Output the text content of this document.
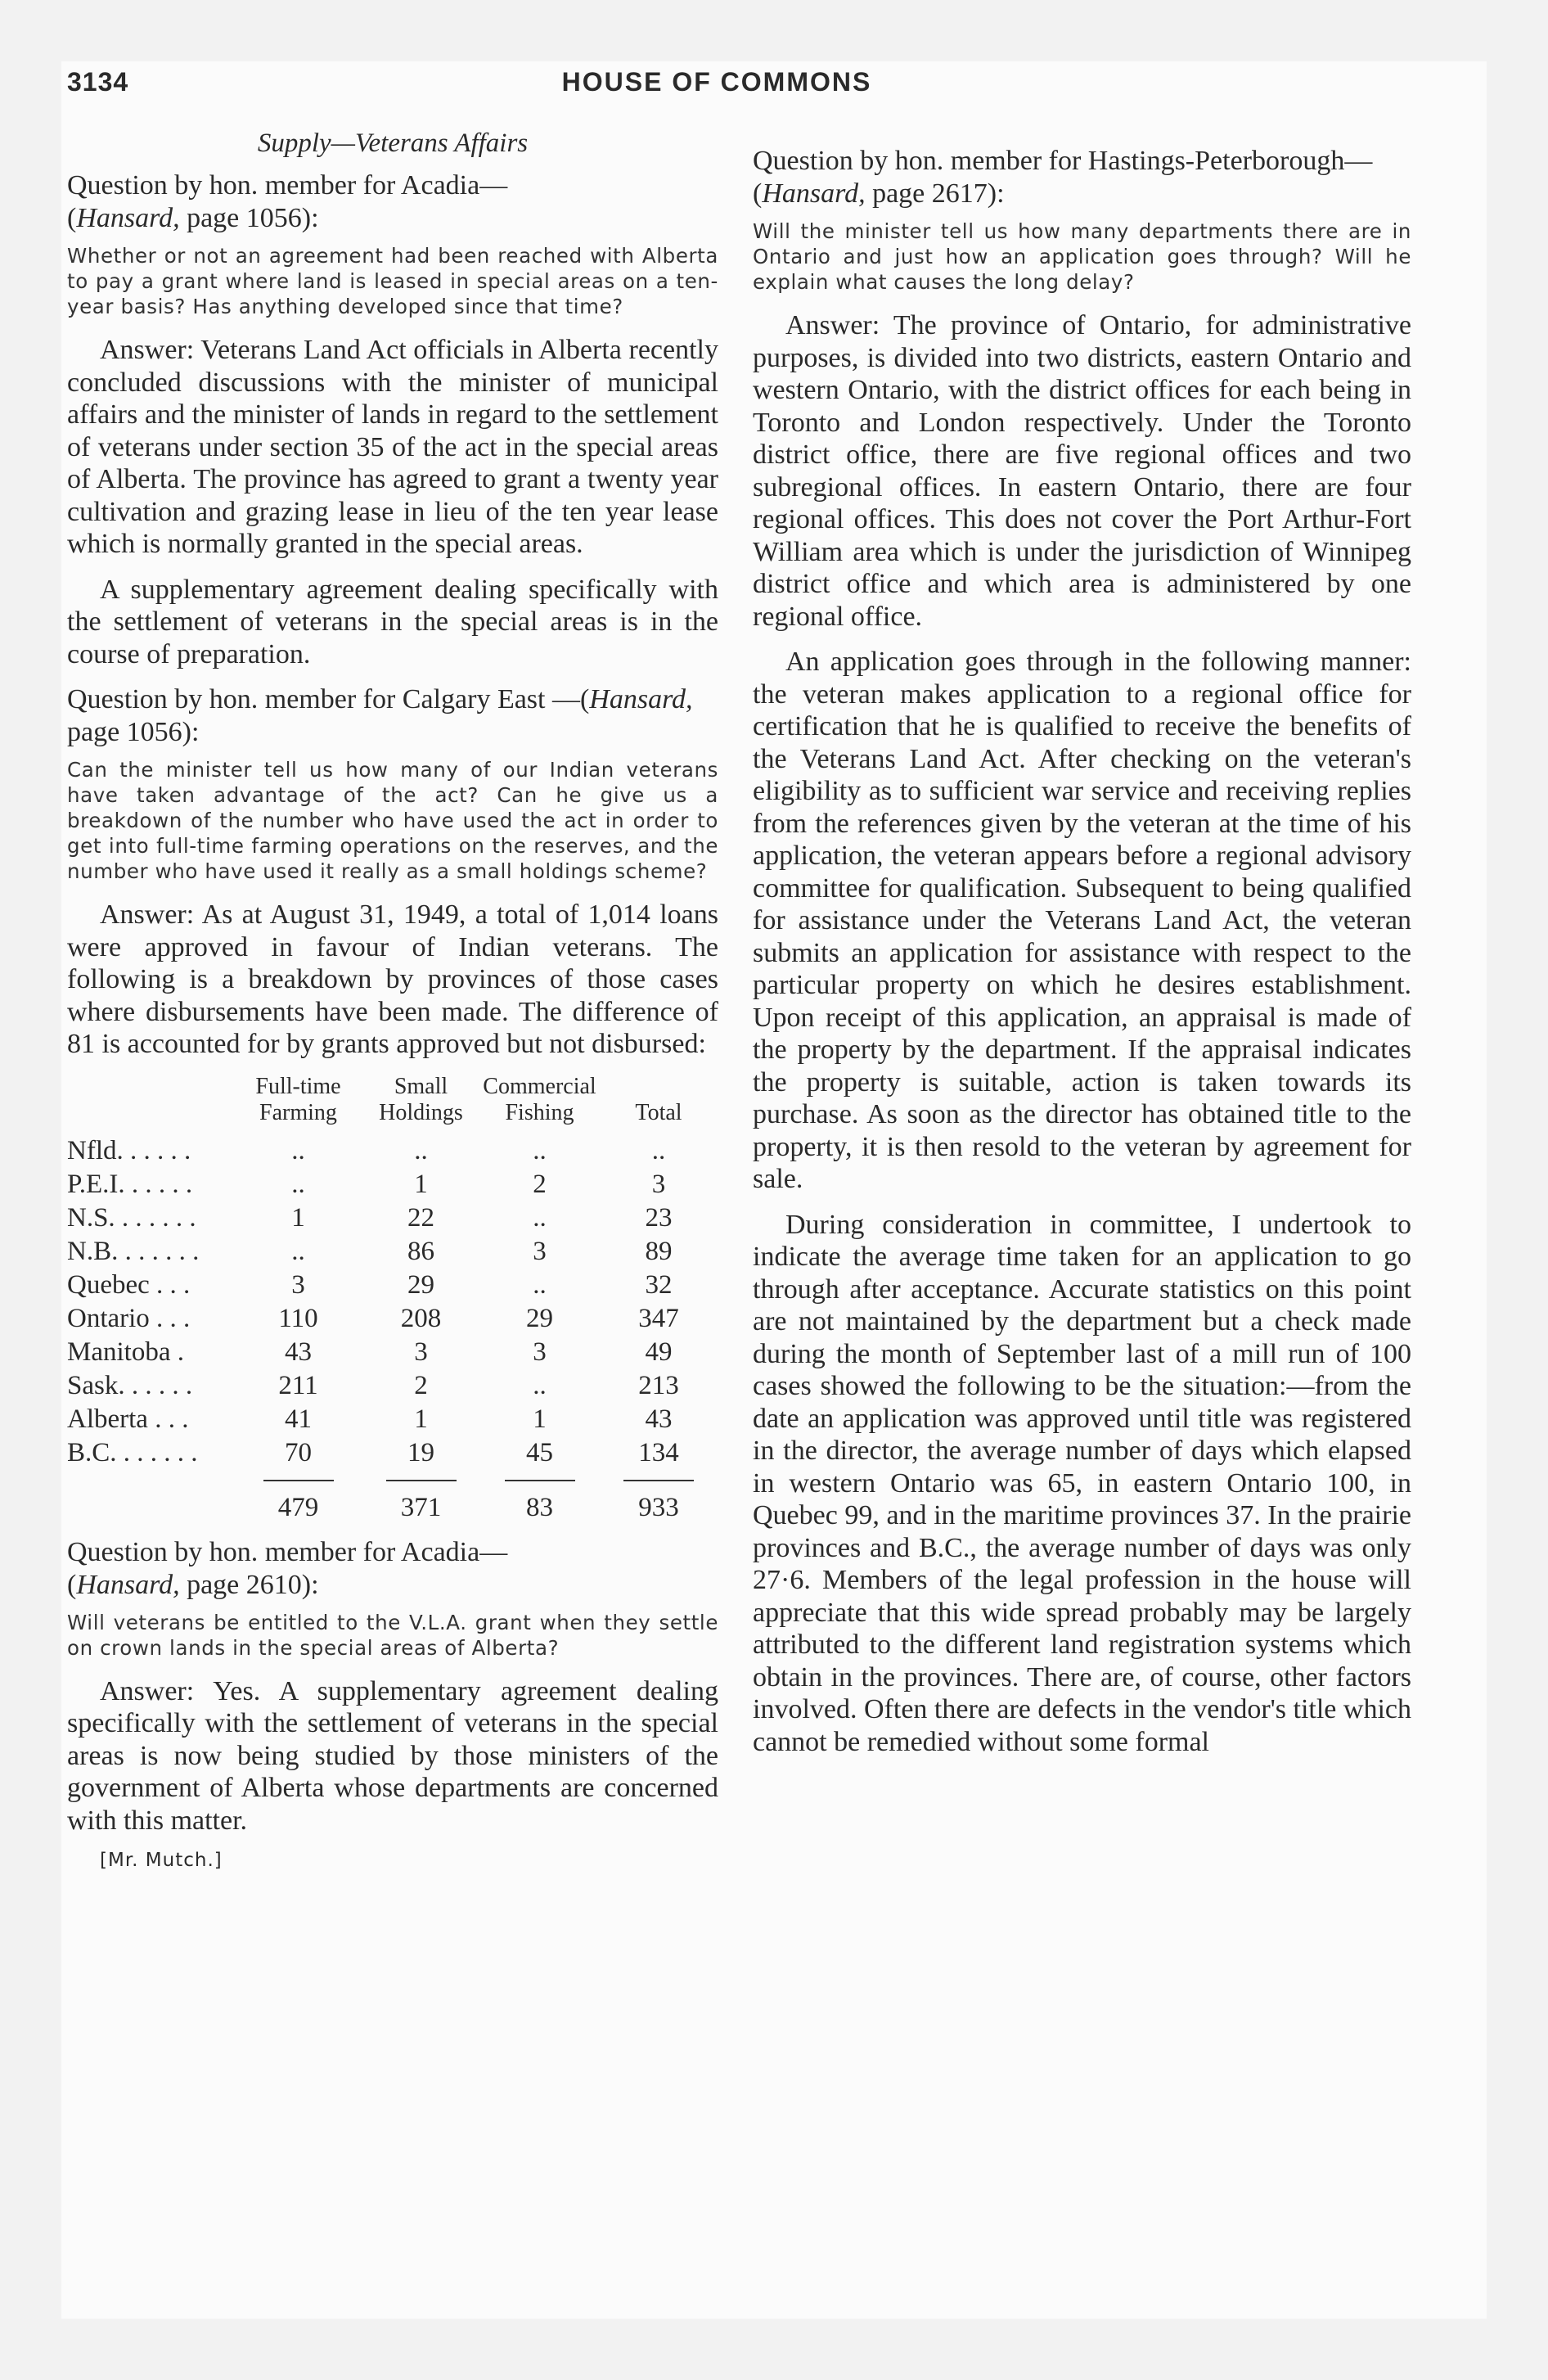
3134	HOUSE OF COMMONS
Supply—Veterans Affairs

Question by hon. member for Acadia—
(Hansard, page 1056):

Whether or not an agreement had been reached with Alberta to pay a grant where land is leased in special areas on a ten-year basis? Has anything developed since that time?

Answer: Veterans Land Act officials in Alberta recently concluded discussions with the minister of municipal affairs and the minister of lands in regard to the settlement of veterans under section 35 of the act in the special areas of Alberta. The province has agreed to grant a twenty year cultivation and grazing lease in lieu of the ten year lease which is normally granted in the special areas.

A supplementary agreement dealing specifically with the settlement of veterans in the special areas is in the course of preparation.

Question by hon. member for Calgary East —(Hansard, page 1056):

Can the minister tell us how many of our Indian veterans have taken advantage of the act? Can he give us a breakdown of the number who have used the act in order to get into full-time farming operations on the reserves, and the number who have used it really as a small holdings scheme?

Answer: As at August 31, 1949, a total of 1,014 loans were approved in favour of Indian veterans. The following is a breakdown by provinces of those cases where disbursements have been made. The difference of 81 is accounted for by grants approved but not disbursed:

	Full-time Farming	Small Holdings	Commercial Fishing	Total
Nfld. . . . . .	..	..	..	..
P.E.I. . . . . .	..	1	2	3
N.S. . . . . . .	1	22	..	23
N.B. . . . . . .	..	86	3	89
Quebec . . .	3	29	..	32
Ontario . . .	110	208	29	347
Manitoba .	43	3	3	49
Sask. . . . . .	211	2	..	213
Alberta . . .	41	1	1	43
B.C. . . . . . .	70	19	45	134

	479	371	83	933

Question by hon. member for Acadia—
(Hansard, page 2610):

Will veterans be entitled to the V.L.A. grant when they settle on crown lands in the special areas of Alberta?

Answer: Yes. A supplementary agreement dealing specifically with the settlement of veterans in the special areas is now being studied by those ministers of the government of Alberta whose departments are concerned with this matter.

[Mr. Mutch.]

Question by hon. member for Hastings-Peterborough—(Hansard, page 2617):

Will the minister tell us how many departments there are in Ontario and just how an application goes through? Will he explain what causes the long delay?

Answer: The province of Ontario, for administrative purposes, is divided into two districts, eastern Ontario and western Ontario, with the district offices for each being in Toronto and London respectively. Under the Toronto district office, there are five regional offices and two subregional offices. In eastern Ontario, there are four regional offices. This does not cover the Port Arthur-Fort William area which is under the jurisdiction of Winnipeg district office and which area is administered by one regional office.

An application goes through in the following manner: the veteran makes application to a regional office for certification that he is qualified to receive the benefits of the Veterans Land Act. After checking on the veteran's eligibility as to sufficient war service and receiving replies from the references given by the veteran at the time of his application, the veteran appears before a regional advisory committee for qualification. Subsequent to being qualified for assistance under the Veterans Land Act, the veteran submits an application for assistance with respect to the particular property on which he desires establishment. Upon receipt of this application, an appraisal is made of the property by the department. If the appraisal indicates the property is suitable, action is taken towards its purchase. As soon as the director has obtained title to the property, it is then resold to the veteran by agreement for sale.

During consideration in committee, I undertook to indicate the average time taken for an application to go through after acceptance. Accurate statistics on this point are not maintained by the department but a check made during the month of September last of a mill run of 100 cases showed the following to be the situation:—from the date an application was approved until title was registered in the director, the average number of days which elapsed in western Ontario was 65, in eastern Ontario 100, in Quebec 99, and in the maritime provinces 37. In the prairie provinces and B.C., the average number of days was only 27·6. Members of the legal profession in the house will appreciate that this wide spread probably may be largely attributed to the different land registration systems which obtain in the provinces. There are, of course, other factors involved. Often there are defects in the vendor's title which cannot be remedied without some formal
